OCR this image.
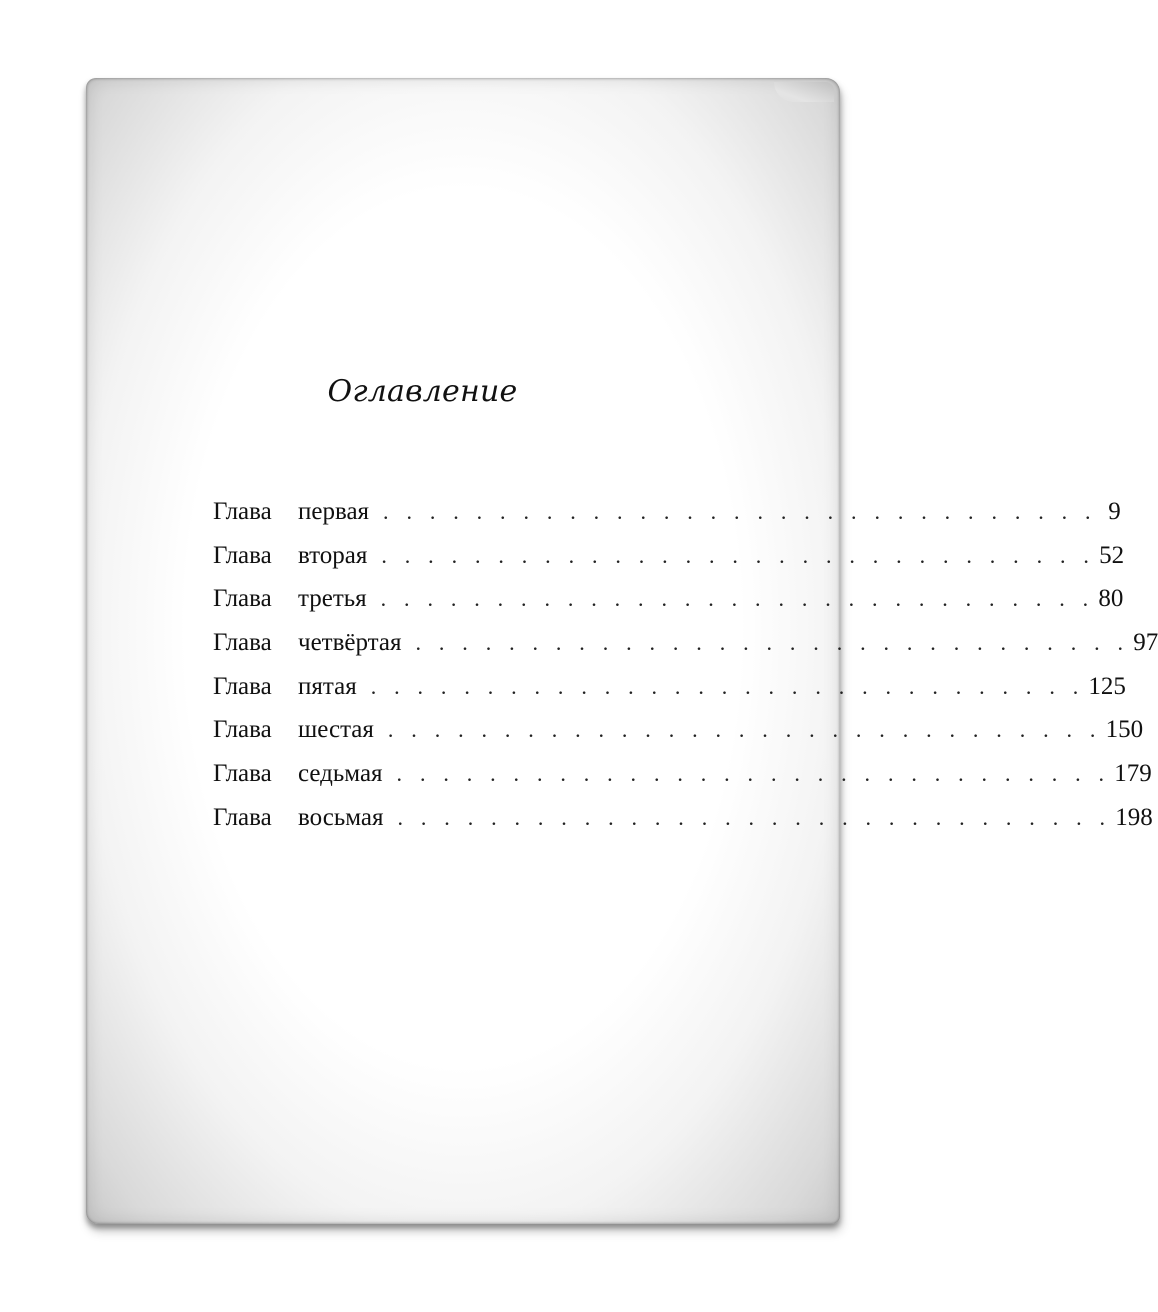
Оглавление
Глава	первая . . . . . . . . . . . . . . . . . . . . . . . . . . . . . . . 9
Глава	вторая . . . . . . . . . . . . . . . . . . . . . . . . . . . . . . . 52
Глава	третья . . . . . . . . . . . . . . . . . . . . . . . . . . . . . . . 80
Глава	четвёртая . . . . . . . . . . . . . . . . . . . . . . . . . . . . . . . 97
Глава	пятая . . . . . . . . . . . . . . . . . . . . . . . . . . . . . . . 125
Глава	шестая . . . . . . . . . . . . . . . . . . . . . . . . . . . . . . . 150
Глава	седьмая . . . . . . . . . . . . . . . . . . . . . . . . . . . . . . . 179
Глава	восьмая . . . . . . . . . . . . . . . . . . . . . . . . . . . . . . . 198
